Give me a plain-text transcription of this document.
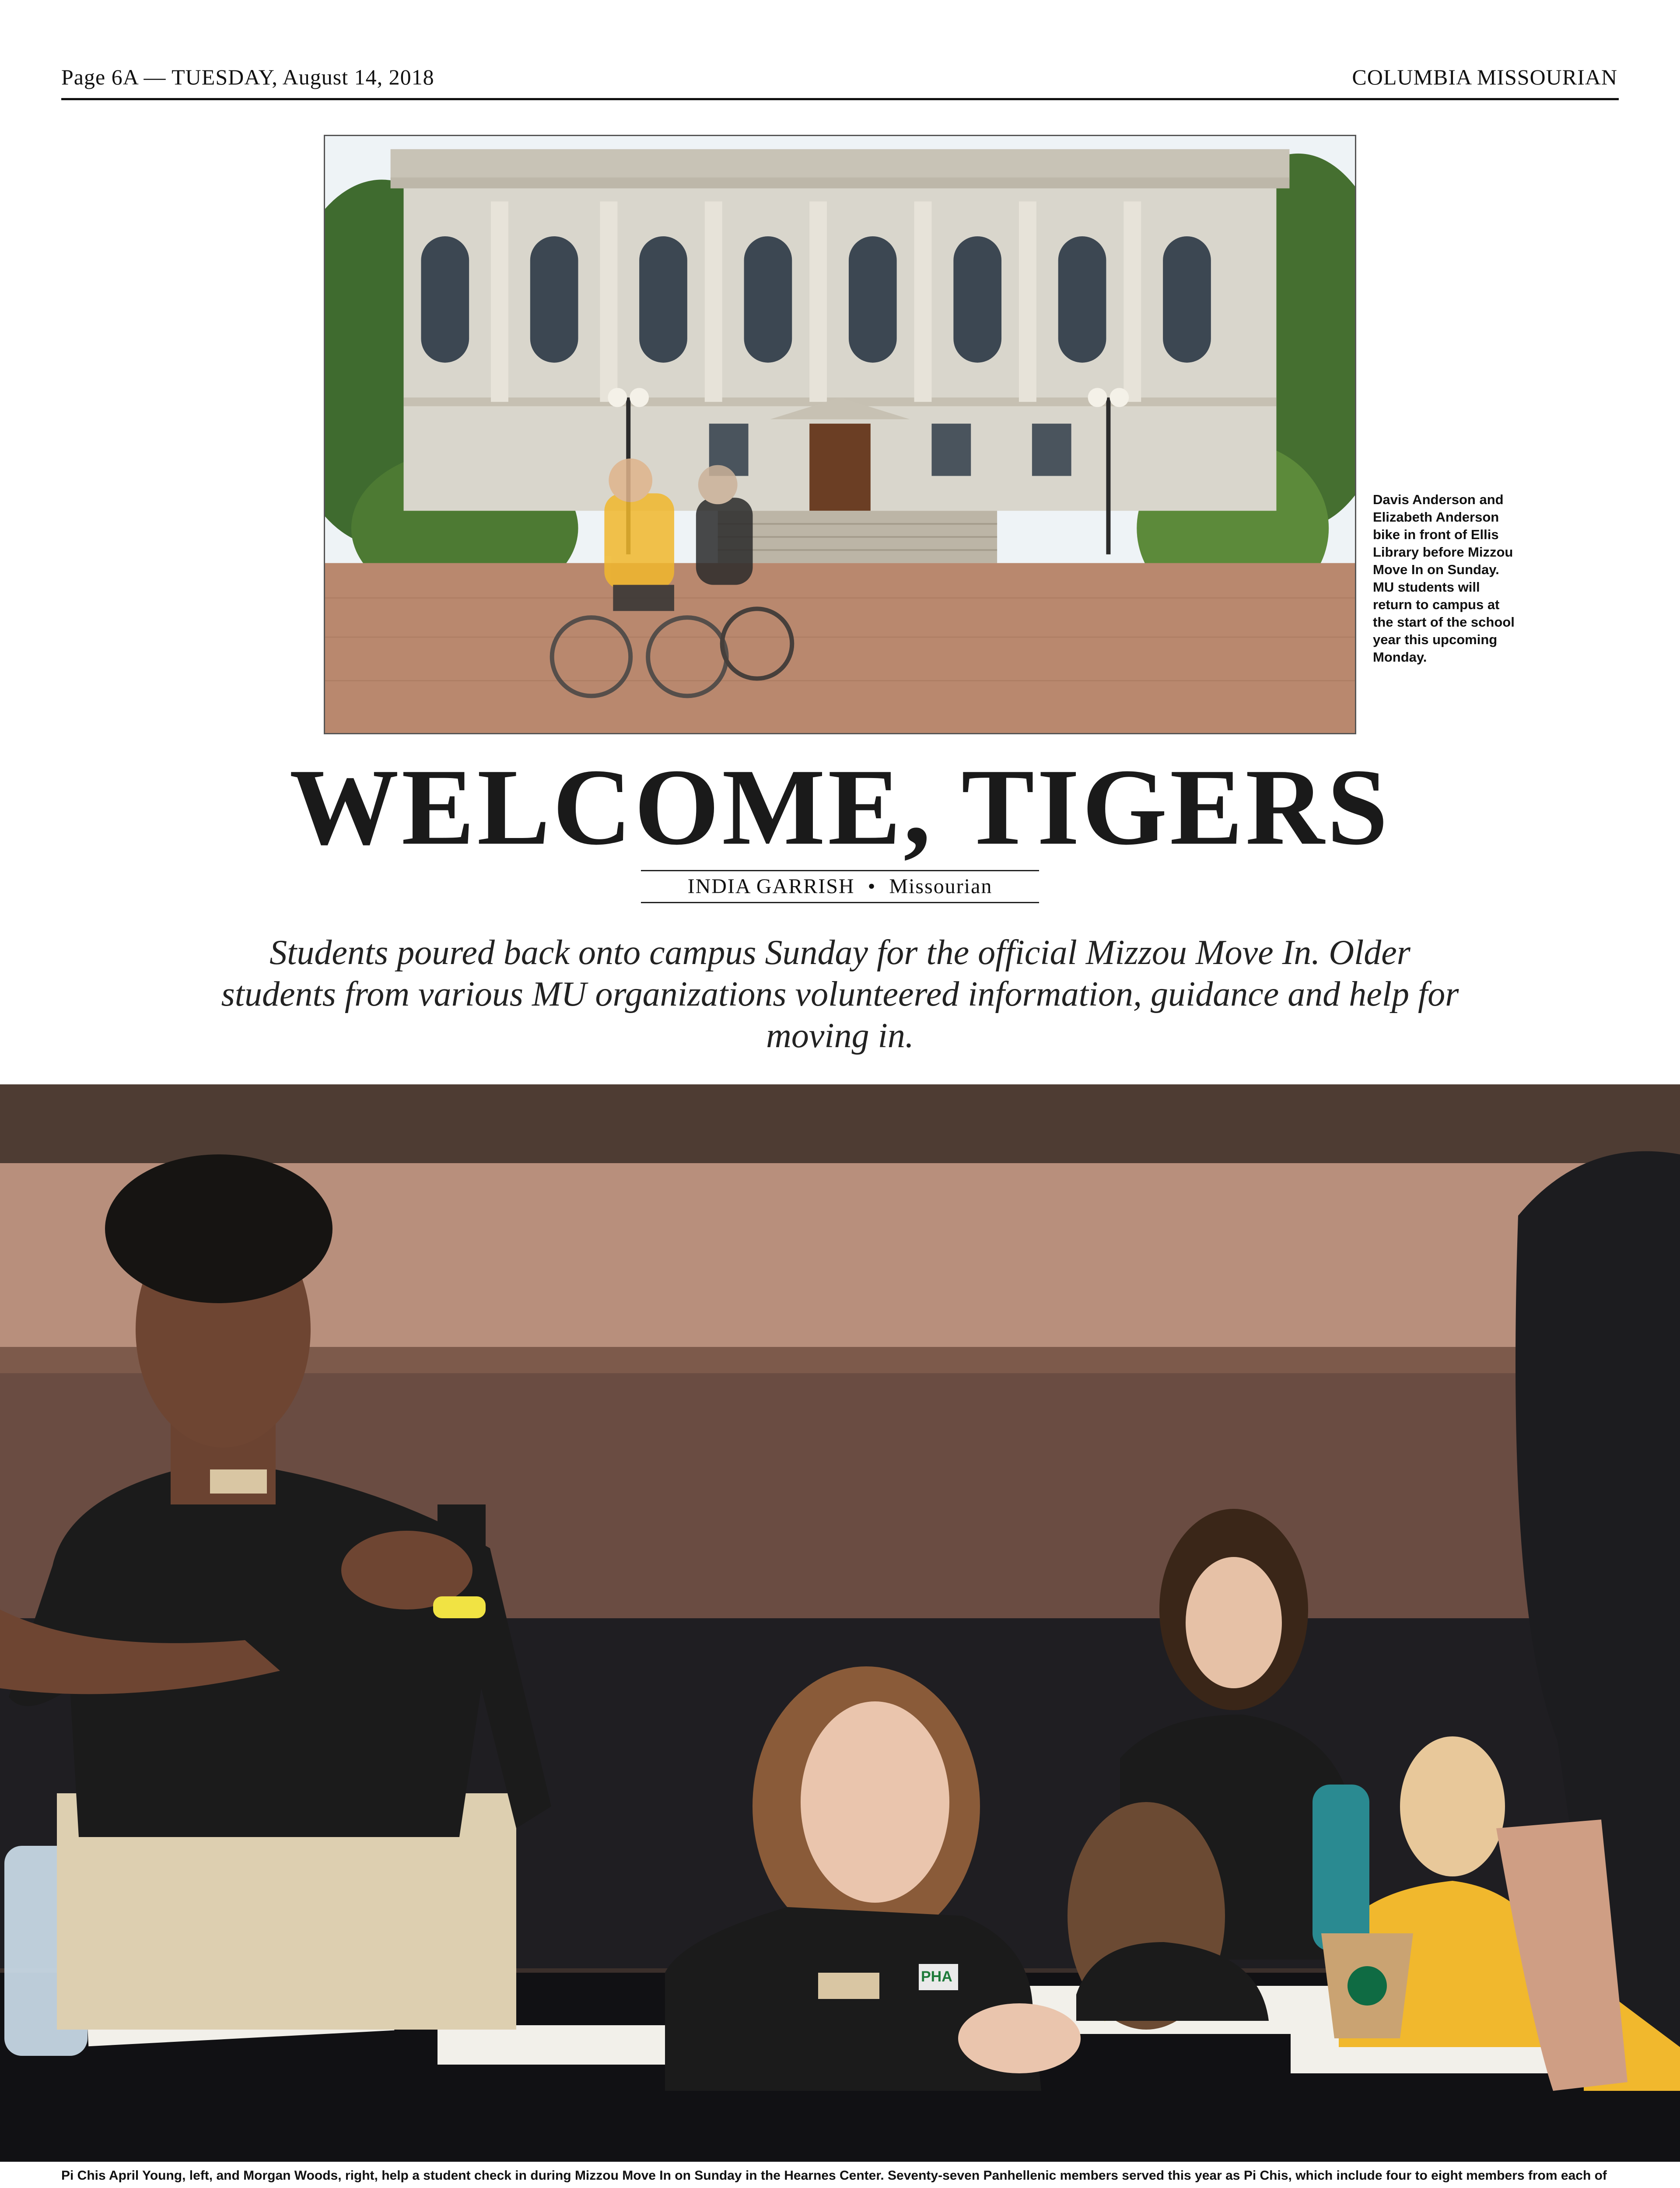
Page 6A — TUESDAY, August 14, 2018	COLUMBIA MISSOURIAN
Davis Anderson and Elizabeth Anderson bike in front of Ellis Library before Mizzou Move In on Sunday. MU students will return to campus at the start of the school year this upcoming Monday.
WELCOME, TIGERS
INDIA GARRISH • Missourian
Students poured back onto campus Sunday for the official Mizzou Move In. Older students from various MU organizations volunteered information, guidance and help for moving in.
PHA
Pi Chis April Young, left, and Morgan Woods, right, help a student check in during Mizzou Move In on Sunday in the Hearnes Center. Seventy-seven Panhellenic members served this year as Pi Chis, which include four to eight members from each of
